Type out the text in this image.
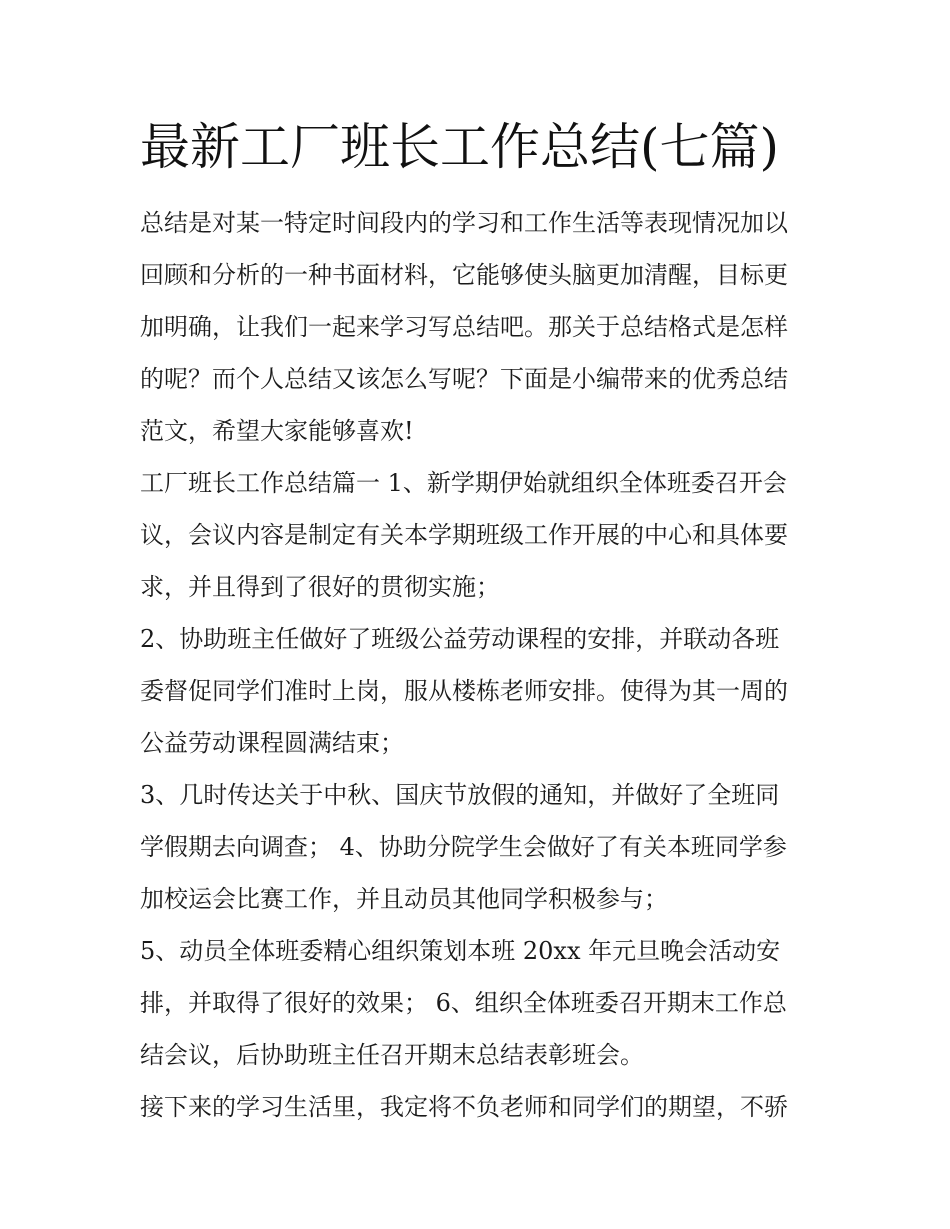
最新工厂班长工作总结(七篇)
总结是对某一特定时间段内的学习和工作生活等表现情况加以
回顾和分析的一种书面材料，它能够使头脑更加清醒，目标更
加明确，让我们一起来学习写总结吧。那关于总结格式是怎样
的呢？而个人总结又该怎么写呢？下面是小编带来的优秀总结
范文，希望大家能够喜欢!
工厂班长工作总结篇一 1、新学期伊始就组织全体班委召开会
议，会议内容是制定有关本学期班级工作开展的中心和具体要
求，并且得到了很好的贯彻实施；
2、协助班主任做好了班级公益劳动课程的安排，并联动各班
委督促同学们准时上岗，服从楼栋老师安排。使得为其一周的
公益劳动课程圆满结束；
3、几时传达关于中秋、国庆节放假的通知，并做好了全班同
学假期去向调查； 4、协助分院学生会做好了有关本班同学参
加校运会比赛工作，并且动员其他同学积极参与；
5、动员全体班委精心组织策划本班 20xx 年元旦晚会活动安
排，并取得了很好的效果； 6、组织全体班委召开期末工作总
结会议，后协助班主任召开期末总结表彰班会。
接下来的学习生活里，我定将不负老师和同学们的期望，不骄
